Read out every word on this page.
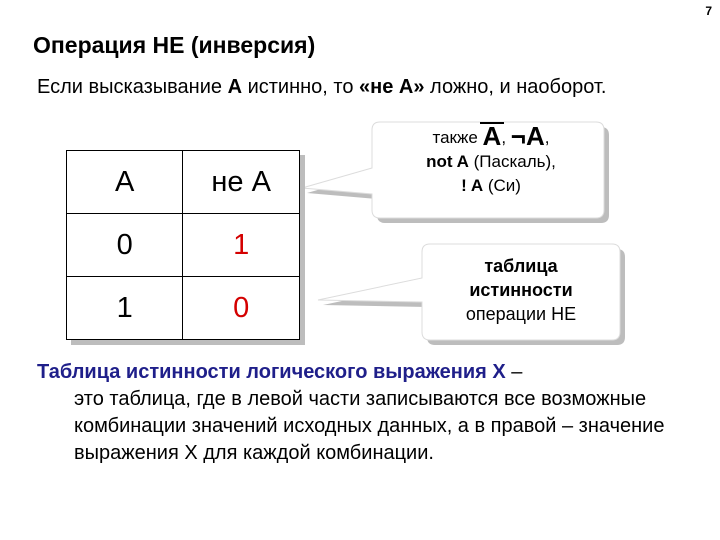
7
Операция НЕ (инверсия)
Если высказывание A истинно, то «не А» ложно, и наоборот.
A	не A
0	1
1	0
также A, ¬A,
not A (Паскаль),
! A (Си)
таблица
истинности
операции НЕ
Таблица истинности логического выражения Х –
это таблица, где в левой части записываются все возможные комбинации значений исходных данных, а в правой – значение выражения Х для каждой комбинации.
